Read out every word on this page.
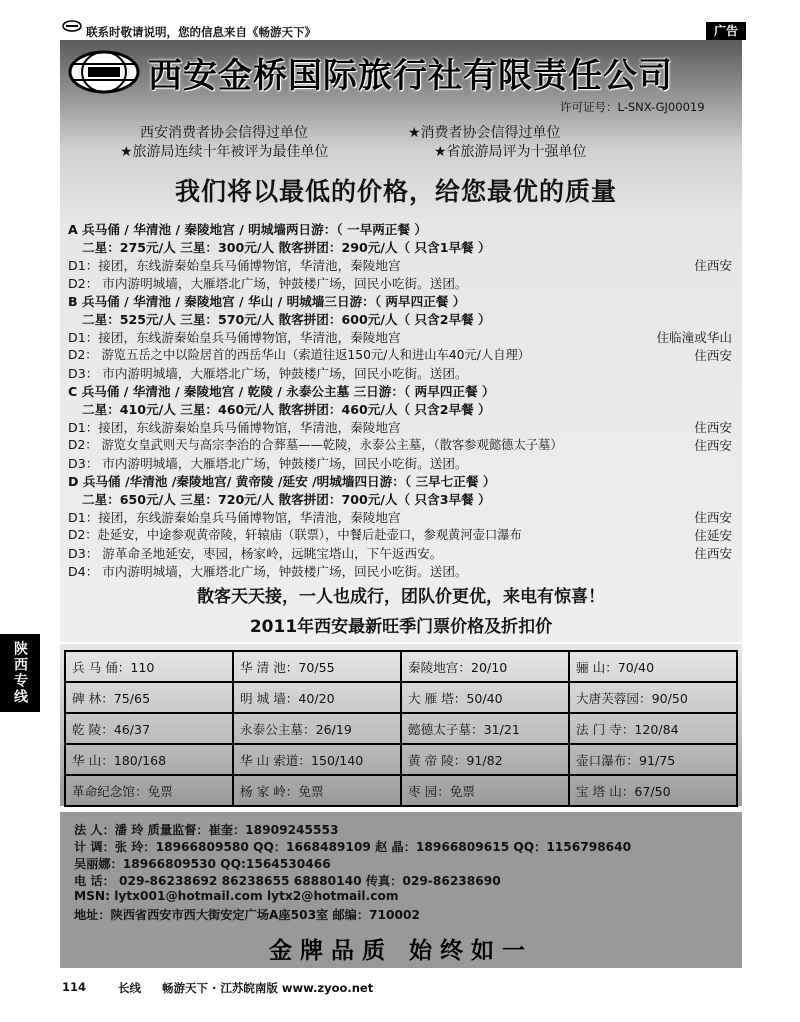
联系时敬请说明，您的信息来自《畅游天下》	广告
西安金桥国际旅行社有限责任公司
许可证号：L-SNX-GJ00019
西安消费者协会信得过单位	★消费者协会信得过单位
★旅游局连续十年被评为最佳单位	★省旅游局评为十强单位
我们将以最低的价格，给您最优的质量
A 兵马俑 / 华清池 / 秦陵地宫 / 明城墙两日游：（ 一早两正餐 ）
二星：275元/人 三星：300元/人 散客拼团：290元/人（ 只含1早餐 ）
D1：接团，东线游秦始皇兵马俑博物馆，华清池，秦陵地宫	住西安
D2： 市内游明城墙，大雁塔北广场，钟鼓楼广场，回民小吃街。送团。
B 兵马俑 / 华清池 / 秦陵地宫 / 华山 / 明城墙三日游：（ 两早四正餐 ）
二星：525元/人 三星：570元/人 散客拼团：600元/人（ 只含2早餐 ）
D1：接团，东线游秦始皇兵马俑博物馆，华清池，秦陵地宫	住临潼或华山
D2： 游览五岳之中以险居首的西岳华山（索道往返150元/人和进山车40元/人自理）	住西安
D3： 市内游明城墙，大雁塔北广场，钟鼓楼广场，回民小吃街。送团。
C 兵马俑 / 华清池 / 秦陵地宫 / 乾陵 / 永泰公主墓 三日游：（ 两早四正餐 ）
二星：410元/人 三星：460元/人 散客拼团：460元/人（ 只含2早餐 ）
D1：接团，东线游秦始皇兵马俑博物馆，华清池，秦陵地宫	住西安
D2： 游览女皇武则天与高宗李治的合葬墓——乾陵，永泰公主墓，（散客参观懿德太子墓）	住西安
D3： 市内游明城墙，大雁塔北广场，钟鼓楼广场，回民小吃街。送团。
D 兵马俑 /华清池 /秦陵地宫/ 黄帝陵 /延安 /明城墙四日游：（ 三早七正餐 ）
二星：650元/人 三星：720元/人 散客拼团：700元/人（ 只含3早餐 ）
D1：接团，东线游秦始皇兵马俑博物馆，华清池，秦陵地宫	住西安
D2：赴延安，中途参观黄帝陵，轩辕庙（联票），中餐后赴壶口，参观黄河壶口瀑布	住延安
D3： 游革命圣地延安，枣园，杨家岭，远眺宝塔山，下午返西安。	住西安
D4： 市内游明城墙，大雁塔北广场，钟鼓楼广场，回民小吃街。送团。
散客天天接，一人也成行，团队价更优，来电有惊喜！
2011年西安最新旺季门票价格及折扣价
陕西专线	兵 马 俑：110	华 清 池：70/55	秦陵地宫：20/10	骊 山：70/40
碑 林：75/65	明 城 墙：40/20	大 雁 塔：50/40	大唐芙蓉园：90/50
乾 陵：46/37	永泰公主墓：26/19	懿德太子墓：31/21	法 门 寺：120/84
华 山：180/168	华 山 索道：150/140	黄 帝 陵：91/82	壶口瀑布：91/75
革命纪念馆：免票	杨 家 岭：免票	枣 园：免票	宝 塔 山：67/50
法 人：潘 玲 质量监督：崔奎：18909245553
计 调：张 玲：18966809580 QQ：1668489109 赵 晶：18966809615 QQ：1156798640
吴丽娜：18966809530 QQ:1564530466
电 话： 029-86238692 86238655 68880140 传真：029-86238690
MSN: lytx001@hotmail.com lytx2@hotmail.com
地址：陕西省西安市西大街安定广场A座503室 邮编：710002
金牌品质 始终如一
114	长线 畅游天下 · 江苏皖南版 www.zyoo.net
